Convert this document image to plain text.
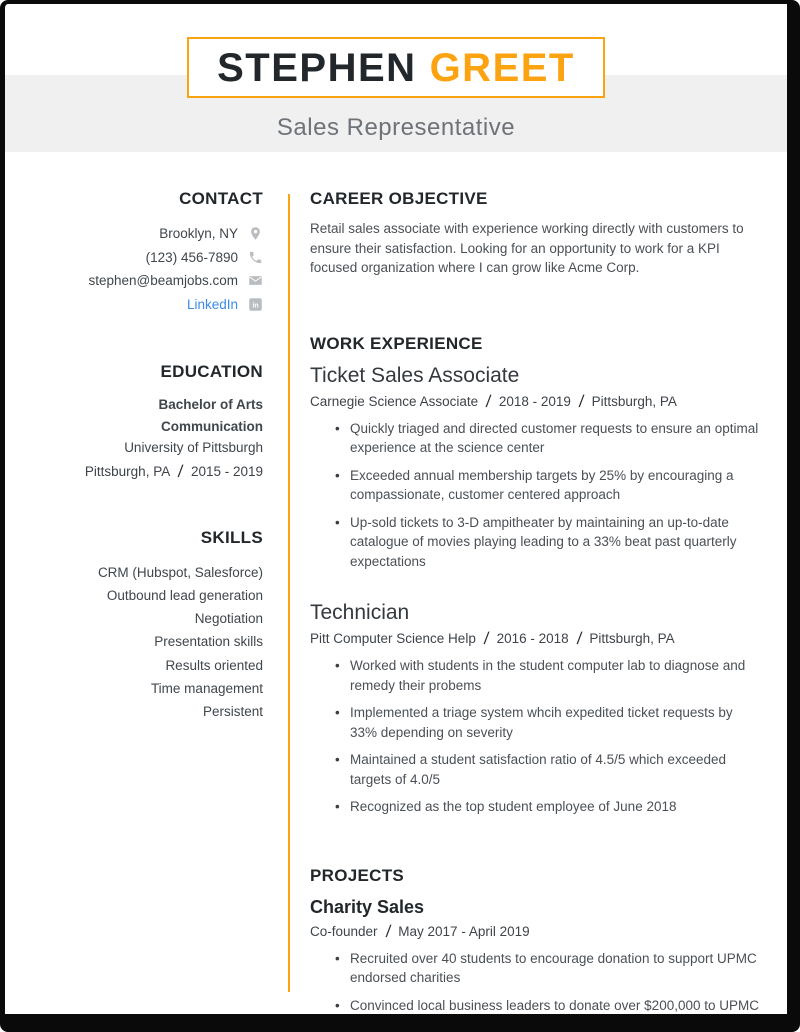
STEPHEN GREET
Sales Representative
CONTACT
Brooklyn, NY
(123) 456-7890
stephen@beamjobs.com
LinkedIn in
EDUCATION
Bachelor of Arts
Communication
University of Pittsburgh
Pittsburgh, PA / 2015 - 2019
SKILLS
CRM (Hubspot, Salesforce)
Outbound lead generation
Negotiation
Presentation skills
Results oriented
Time management
Persistent
CAREER OBJECTIVE

Retail sales associate with experience working directly with customers to ensure their satisfaction. Looking for an opportunity to work for a KPI focused organization where I can grow like Acme Corp.

WORK EXPERIENCE
Ticket Sales Associate
Carnegie Science Associate / 2018 - 2019 / Pittsburgh, PA
• Quickly triaged and directed customer requests to ensure an optimal experience at the science center
• Exceeded annual membership targets by 25% by encouraging a compassionate, customer centered approach
• Up-sold tickets to 3-D ampitheater by maintaining an up-to-date catalogue of movies playing leading to a 33% beat past quarterly expectations
Technician
Pitt Computer Science Help / 2016 - 2018 / Pittsburgh, PA
• Worked with students in the student computer lab to diagnose and remedy their probems
• Implemented a triage system whcih expedited ticket requests by 33% depending on severity
• Maintained a student satisfaction ratio of 4.5/5 which exceeded targets of 4.0/5
• Recognized as the top student employee of June 2018
PROJECTS
Charity Sales
Co-founder / May 2017 - April 2019
• Recruited over 40 students to encourage donation to support UPMC endorsed charities
• Convinced local business leaders to donate over $200,000 to UPMC causes
